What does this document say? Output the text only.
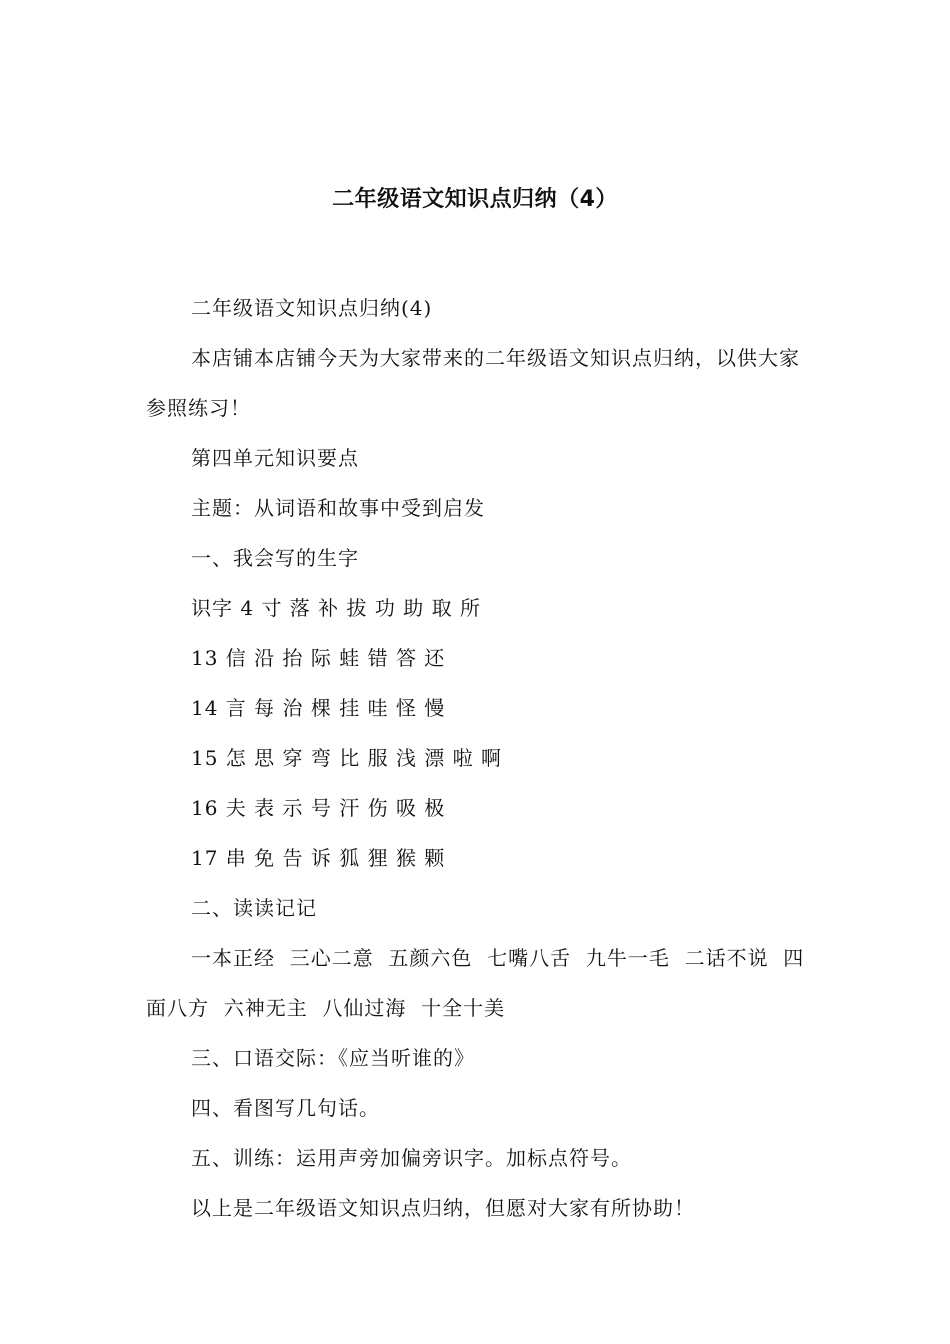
二年级语文知识点归纳（4）

二年级语文知识点归纳(4)

本店铺本店铺今天为大家带来的二年级语文知识点归纳，以供大家参照练习！

第四单元知识要点

主题：从词语和故事中受到启发

一、我会写的生字

识字 4 寸 落 补 拔 功 助 取 所

13 信 沿 抬 际 蛙 错 答 还

14 言 每 治 棵 挂 哇 怪 慢

15 怎 思 穿 弯 比 服 浅 漂 啦 啊

16 夫 表 示 号 汗 伤 吸 极

17 串 免 告 诉 狐 狸 猴 颗

二、读读记记

一本正经  三心二意  五颜六色  七嘴八舌  九牛一毛  二话不说  四面八方  六神无主  八仙过海  十全十美

三、口语交际：《应当听谁的》

四、看图写几句话。

五、训练：运用声旁加偏旁识字。加标点符号。

以上是二年级语文知识点归纳，但愿对大家有所协助！
